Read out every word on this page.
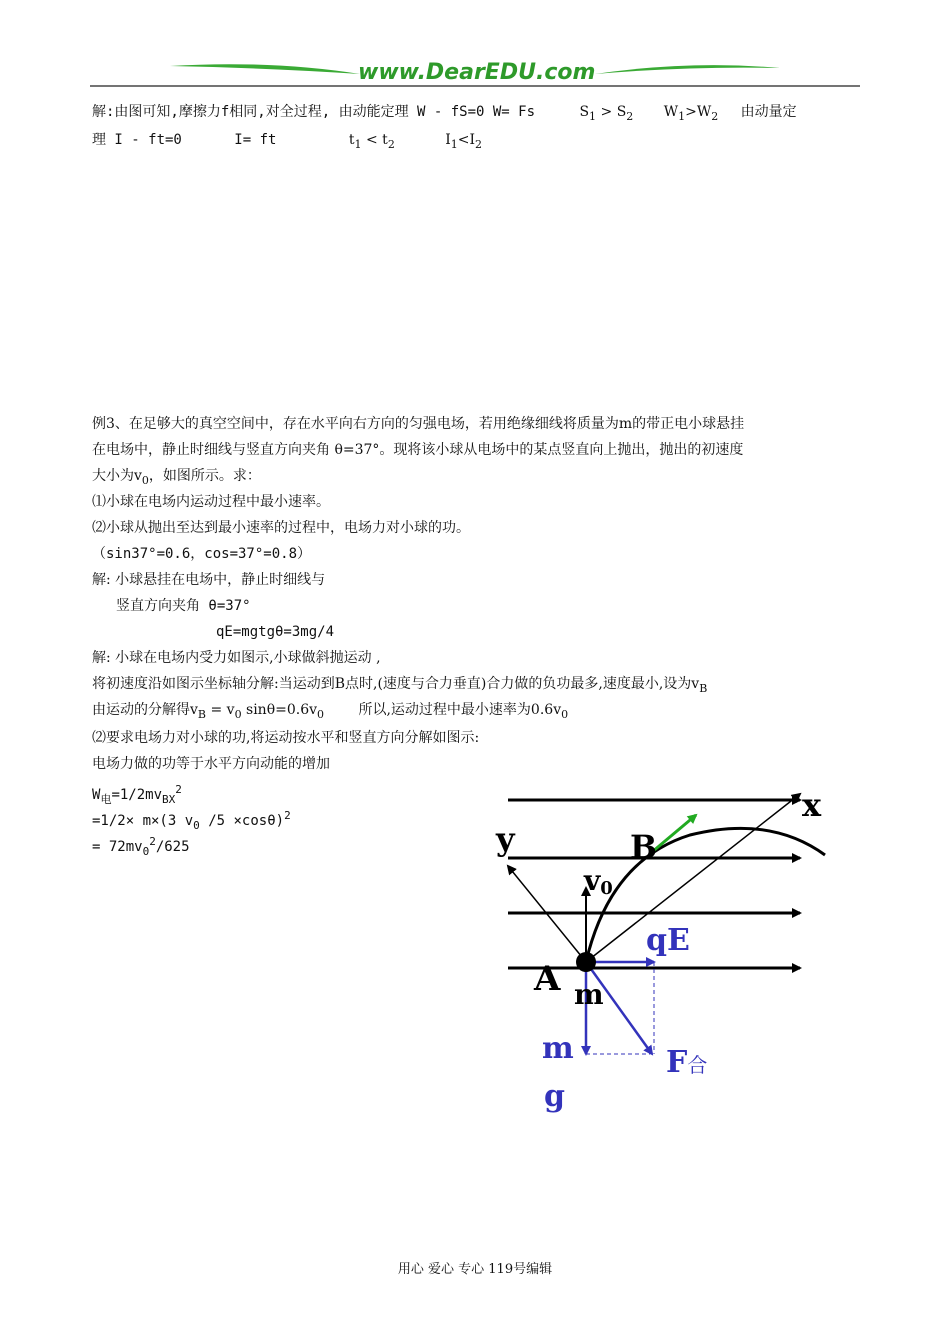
www.DearEDU.com
解:由图可知,摩擦力f相同,对全过程, 由动能定理 W - fS=0 W= Fs	$S_1 > S_2$ $W_1>W_2$ 由动量定
理 I - ft=0	I= ft	$t_1 < t_2$	$I_1<I_2$
例3、在足够大的真空空间中，存在水平向右方向的匀强电场，若用绝缘细线将质量为m的带正电小球悬挂
在电场中，静止时细线与竖直方向夹角 θ=37°。现将该小球从电场中的某点竖直向上抛出，抛出的初速度
大小为$v_0$，如图所示。求：
⑴小球在电场内运动过程中最小速率。
⑵小球从抛出至达到最小速率的过程中，电场力对小球的功。
（sin37°=0.6，cos=37°=0.8）
解: 小球悬挂在电场中，静止时细线与
竖直方向夹角 θ=37°
qE=mgtgθ=3mg/4
解: 小球在电场内受力如图示,小球做斜抛运动 ,
将初速度沿如图示坐标轴分解:当运动到B点时,(速度与合力垂直)合力做的负功最多,速度最小,设为$v_B$
由运动的分解得$v_B = v_0$ $\sin\theta=0.6v_0$ 所以,运动过程中最小速率为$0.6v_0$
⑵要求电场力对小球的功,将运动按水平和竖直方向分解如图示:
电场力做的功等于水平方向动能的增加
$W_电=1/2mv_{BX}^2$
=1/2× m×(3 $v_0$ /5 ×cosθ)$^2$
= $72mv_0^2/625$
x
y	B
v0
qE
A m
m
g
F合
用心 爱心 专心 119号编辑
